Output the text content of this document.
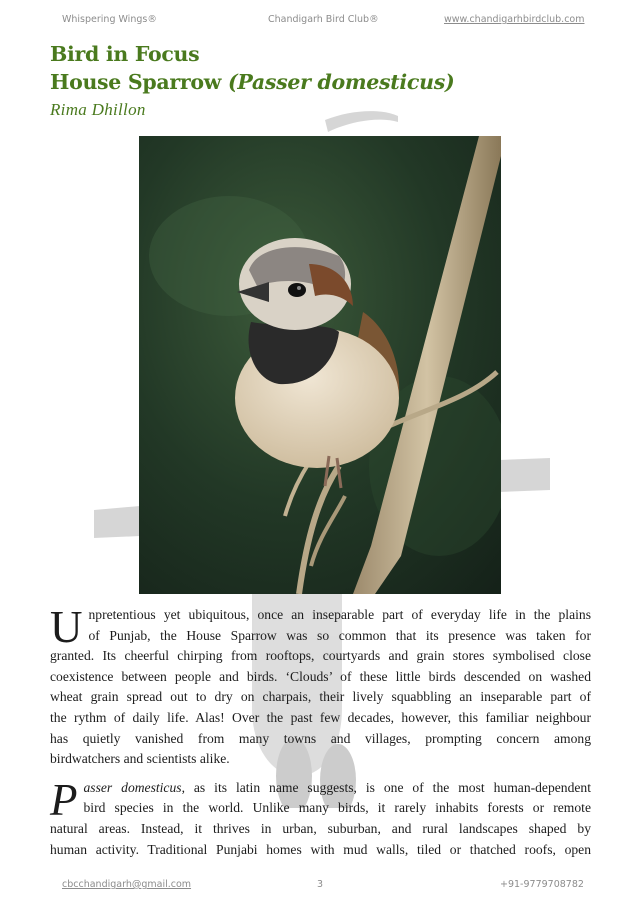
Whispering Wings®	Chandigarh Bird Club®	www.chandigarhbirdclub.com
Bird in Focus
House Sparrow (Passer domesticus)
Rima Dhillon

U npretentious yet ubiquitous, once an inseparable part of everyday life in the plains
of Punjab, the House Sparrow was so common that its presence was taken for
granted. Its cheerful chirping from rooftops, courtyards and grain stores symbolised close
coexistence between people and birds. ‘Clouds’ of these little birds descended on washed
wheat grain spread out to dry on charpais, their lively squabbling an inseparable part of
the rythm of daily life. Alas! Over the past few decades, however, this familiar neighbour
has quietly vanished from many towns and villages, prompting concern among
birdwatchers and scientists alike.

P asser domesticus, as its latin name suggests, is one of the most human-dependent
bird species in the world. Unlike many birds, it rarely inhabits forests or remote
natural areas. Instead, it thrives in urban, suburban, and rural landscapes shaped by
human activity. Traditional Punjabi homes with mud walls, tiled or thatched roofs, open

cbcchandigarh@gmail.com	3	+91-9779708782
